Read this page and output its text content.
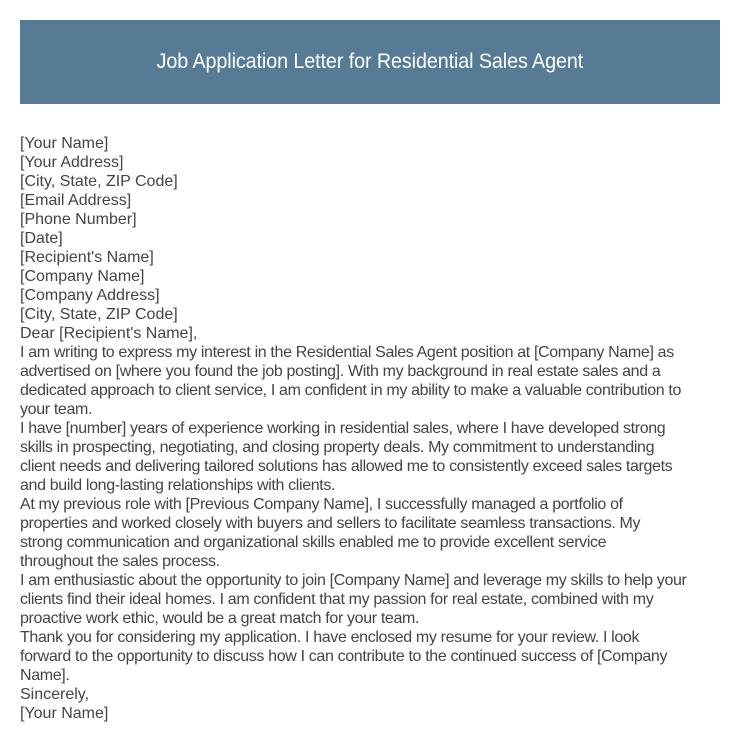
Job Application Letter for Residential Sales Agent
[Your Name]
[Your Address]
[City, State, ZIP Code]
[Email Address]
[Phone Number]
[Date]
[Recipient's Name]
[Company Name]
[Company Address]
[City, State, ZIP Code]
Dear [Recipient's Name],
I am writing to express my interest in the Residential Sales Agent position at [Company Name] as
advertised on [where you found the job posting]. With my background in real estate sales and a
dedicated approach to client service, I am confident in my ability to make a valuable contribution to
your team.
I have [number] years of experience working in residential sales, where I have developed strong
skills in prospecting, negotiating, and closing property deals. My commitment to understanding
client needs and delivering tailored solutions has allowed me to consistently exceed sales targets
and build long-lasting relationships with clients.
At my previous role with [Previous Company Name], I successfully managed a portfolio of
properties and worked closely with buyers and sellers to facilitate seamless transactions. My
strong communication and organizational skills enabled me to provide excellent service
throughout the sales process.
I am enthusiastic about the opportunity to join [Company Name] and leverage my skills to help your
clients find their ideal homes. I am confident that my passion for real estate, combined with my
proactive work ethic, would be a great match for your team.
Thank you for considering my application. I have enclosed my resume for your review. I look
forward to the opportunity to discuss how I can contribute to the continued success of [Company
Name].
Sincerely,
[Your Name]
